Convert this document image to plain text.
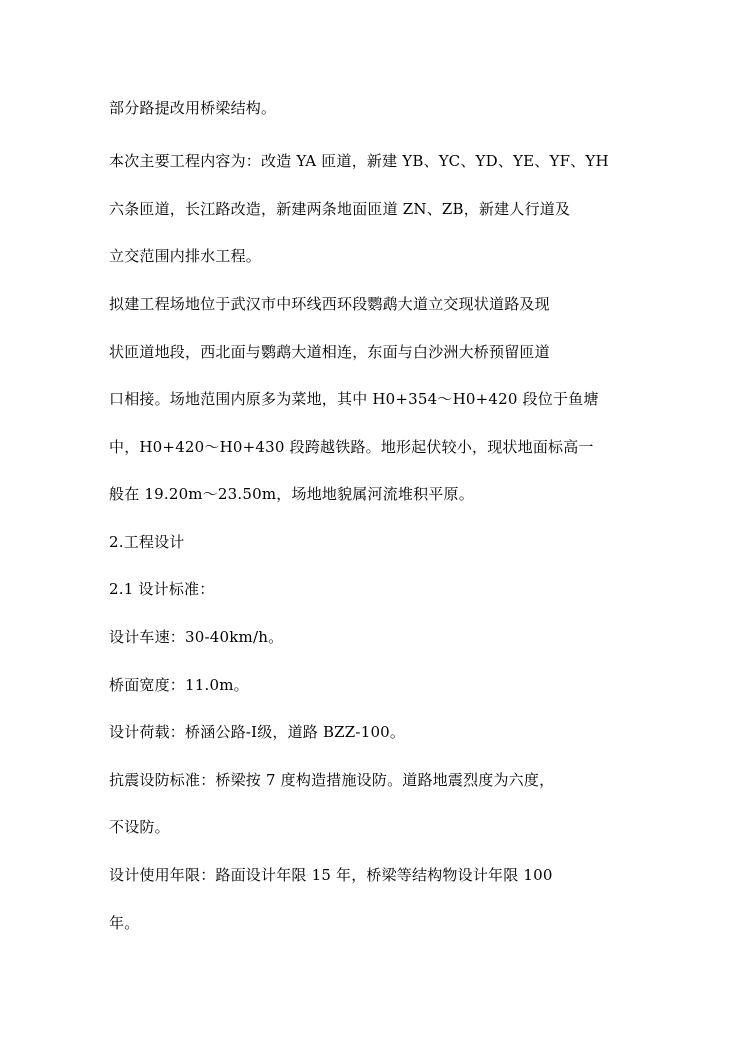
部分路提改用桥梁结构。
本次主要工程内容为：改造 YA 匝道，新建 YB、YC、YD、YE、YF、YH
六条匝道，长江路改造，新建两条地面匝道 ZN、ZB，新建人行道及
立交范围内排水工程。
拟建工程场地位于武汉市中环线西环段鹦鹉大道立交现状道路及现
状匝道地段，西北面与鹦鹉大道相连，东面与白沙洲大桥预留匝道
口相接。场地范围内原多为菜地，其中 H0+354～H0+420 段位于鱼塘
中，H0+420～H0+430 段跨越铁路。地形起伏较小，现状地面标高一
般在 19.20m～23.50m，场地地貌属河流堆积平原。
2.工程设计
2.1 设计标准：
设计车速：30-40km/h。
桥面宽度：11.0m。
设计荷载：桥涵公路-Ⅰ级，道路 BZZ-100。
抗震设防标准：桥梁按 7 度构造措施设防。道路地震烈度为六度，
不设防。
设计使用年限：路面设计年限 15 年，桥梁等结构物设计年限 100
年。
